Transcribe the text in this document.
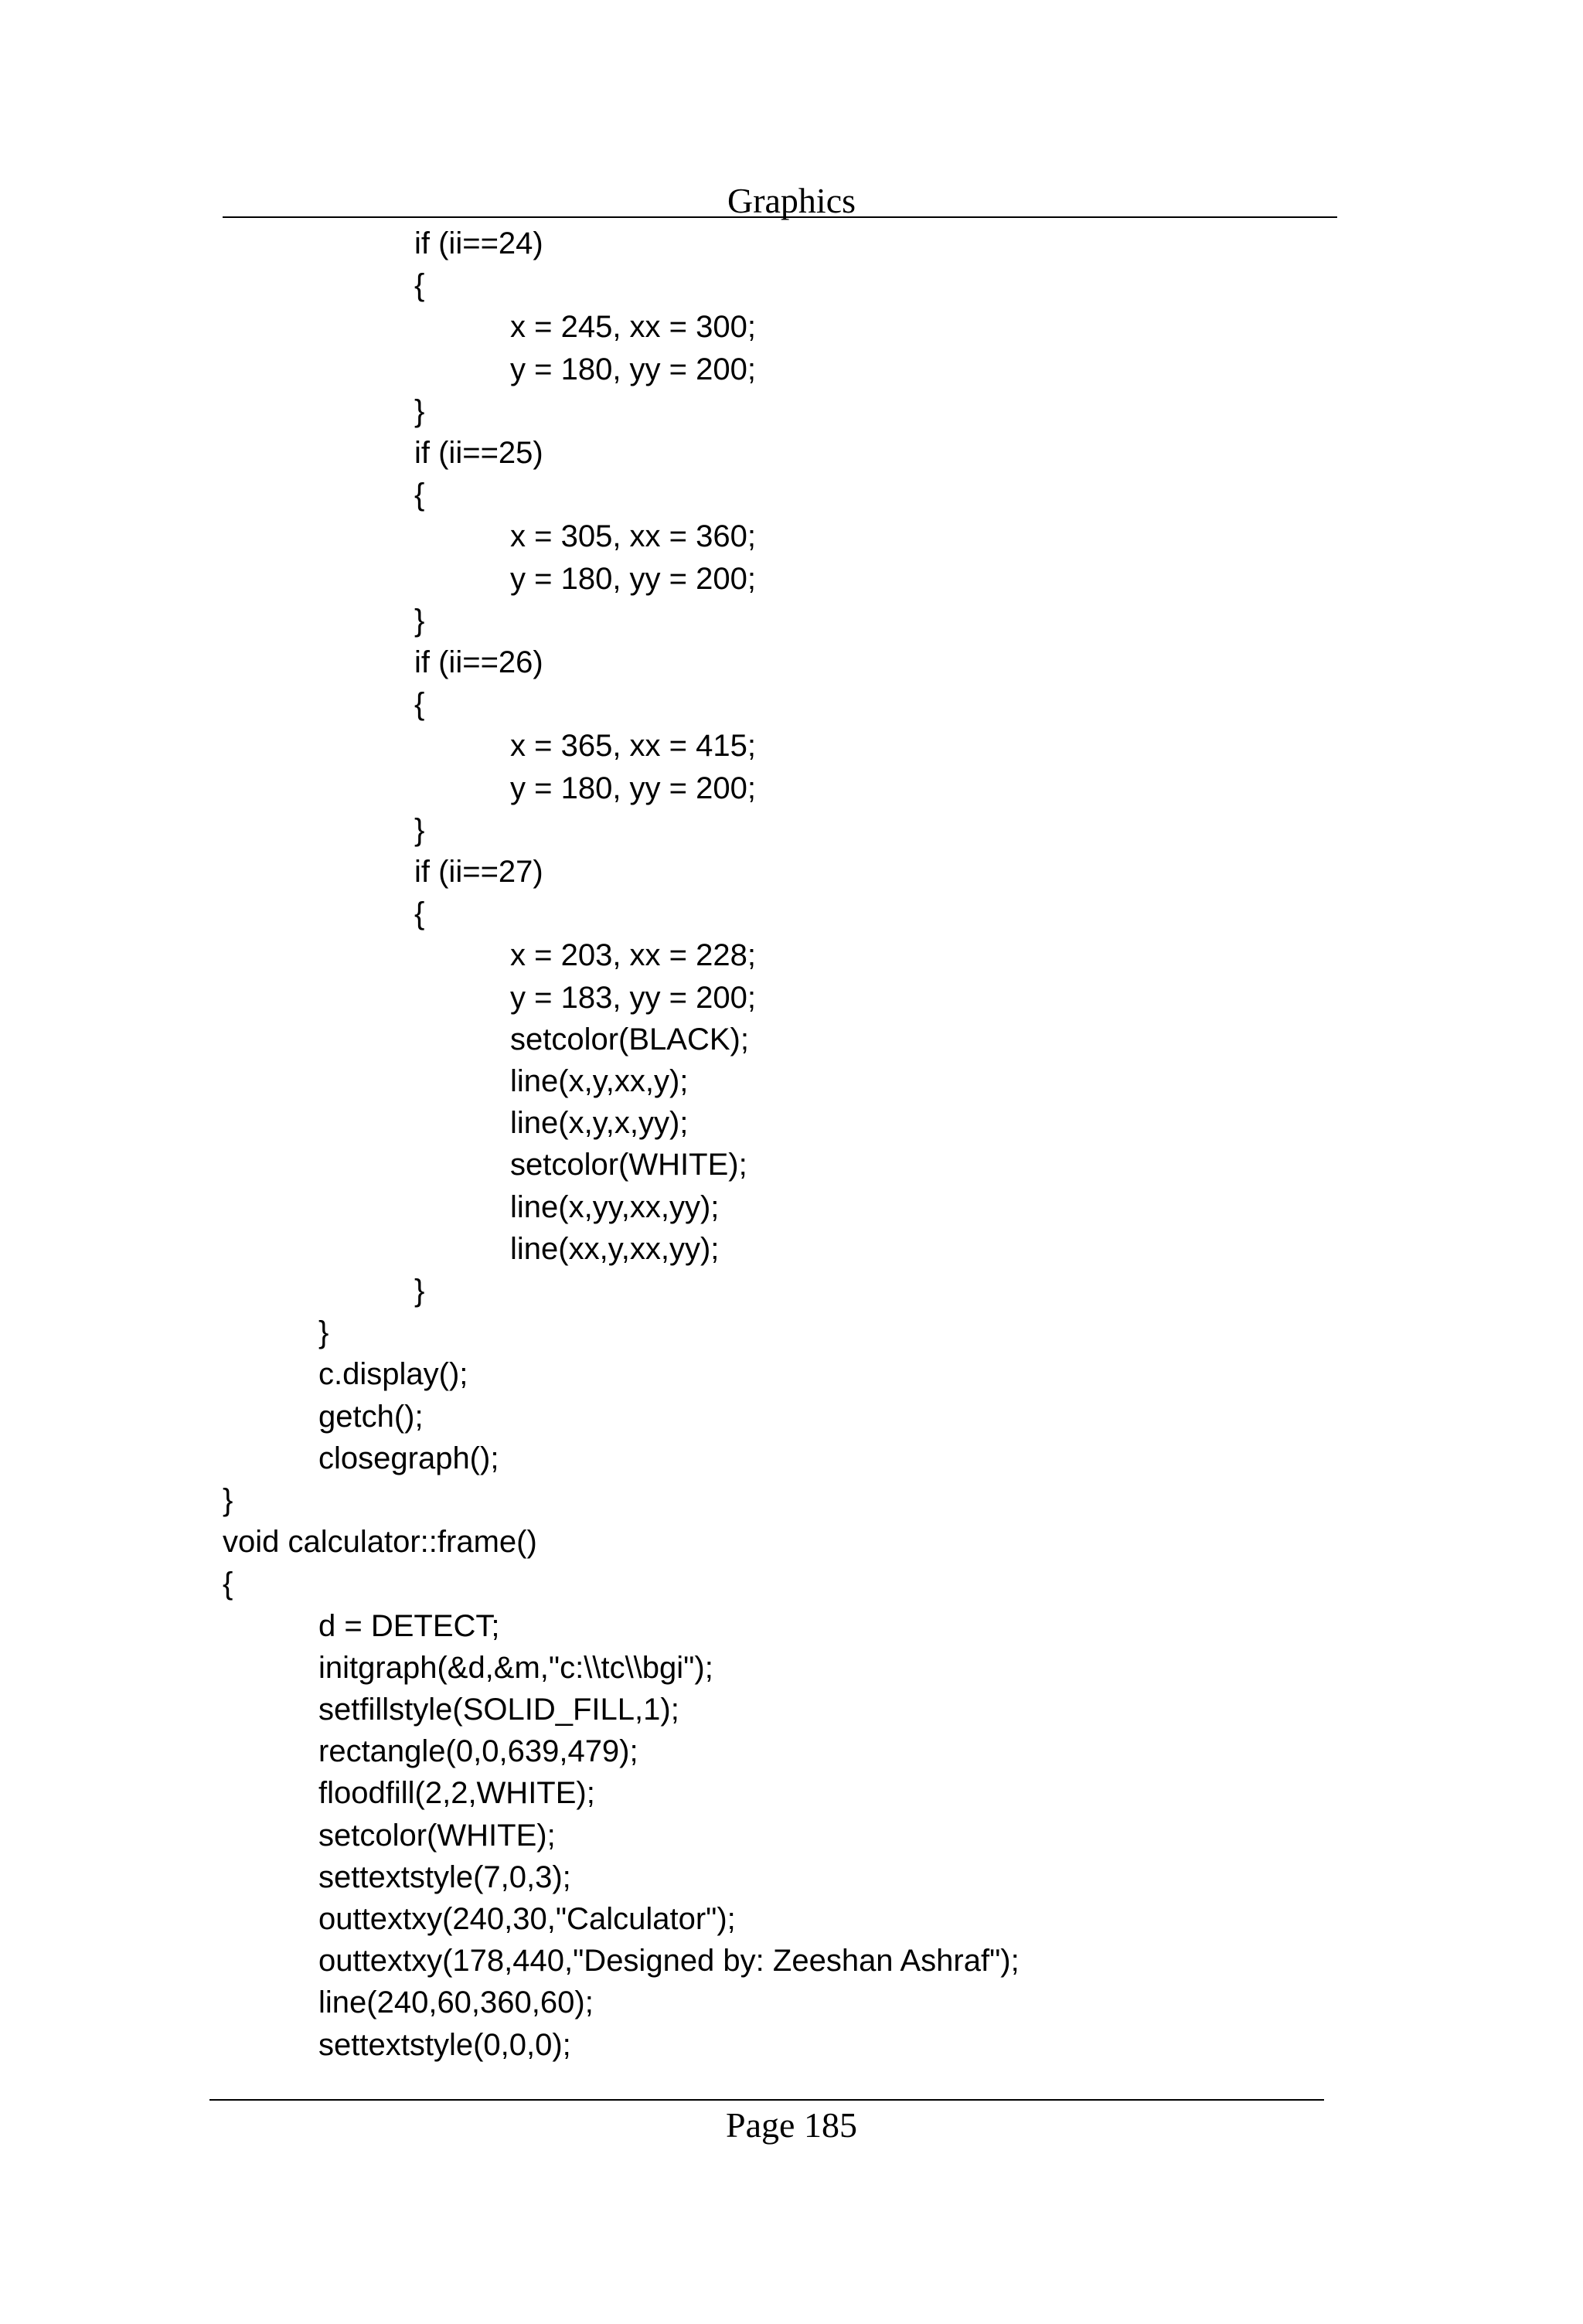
Graphics
if (ii==24)
{
x = 245, xx = 300;
y = 180, yy = 200;
}
if (ii==25)
{
x = 305, xx = 360;
y = 180, yy = 200;
}
if (ii==26)
{
x = 365, xx = 415;
y = 180, yy = 200;
}
if (ii==27)
{
x = 203, xx = 228;
y = 183, yy = 200;
setcolor(BLACK);
line(x,y,xx,y);
line(x,y,x,yy);
setcolor(WHITE);
line(x,yy,xx,yy);
line(xx,y,xx,yy);
}
}
c.display();
getch();
closegraph();
}
void calculator::frame()
{
d = DETECT;
initgraph(&d,&m,"c:\\tc\\bgi");
setfillstyle(SOLID_FILL,1);
rectangle(0,0,639,479);
floodfill(2,2,WHITE);
setcolor(WHITE);
settextstyle(7,0,3);
outtextxy(240,30,"Calculator");
outtextxy(178,440,"Designed by: Zeeshan Ashraf");
line(240,60,360,60);
settextstyle(0,0,0);
Page 185
